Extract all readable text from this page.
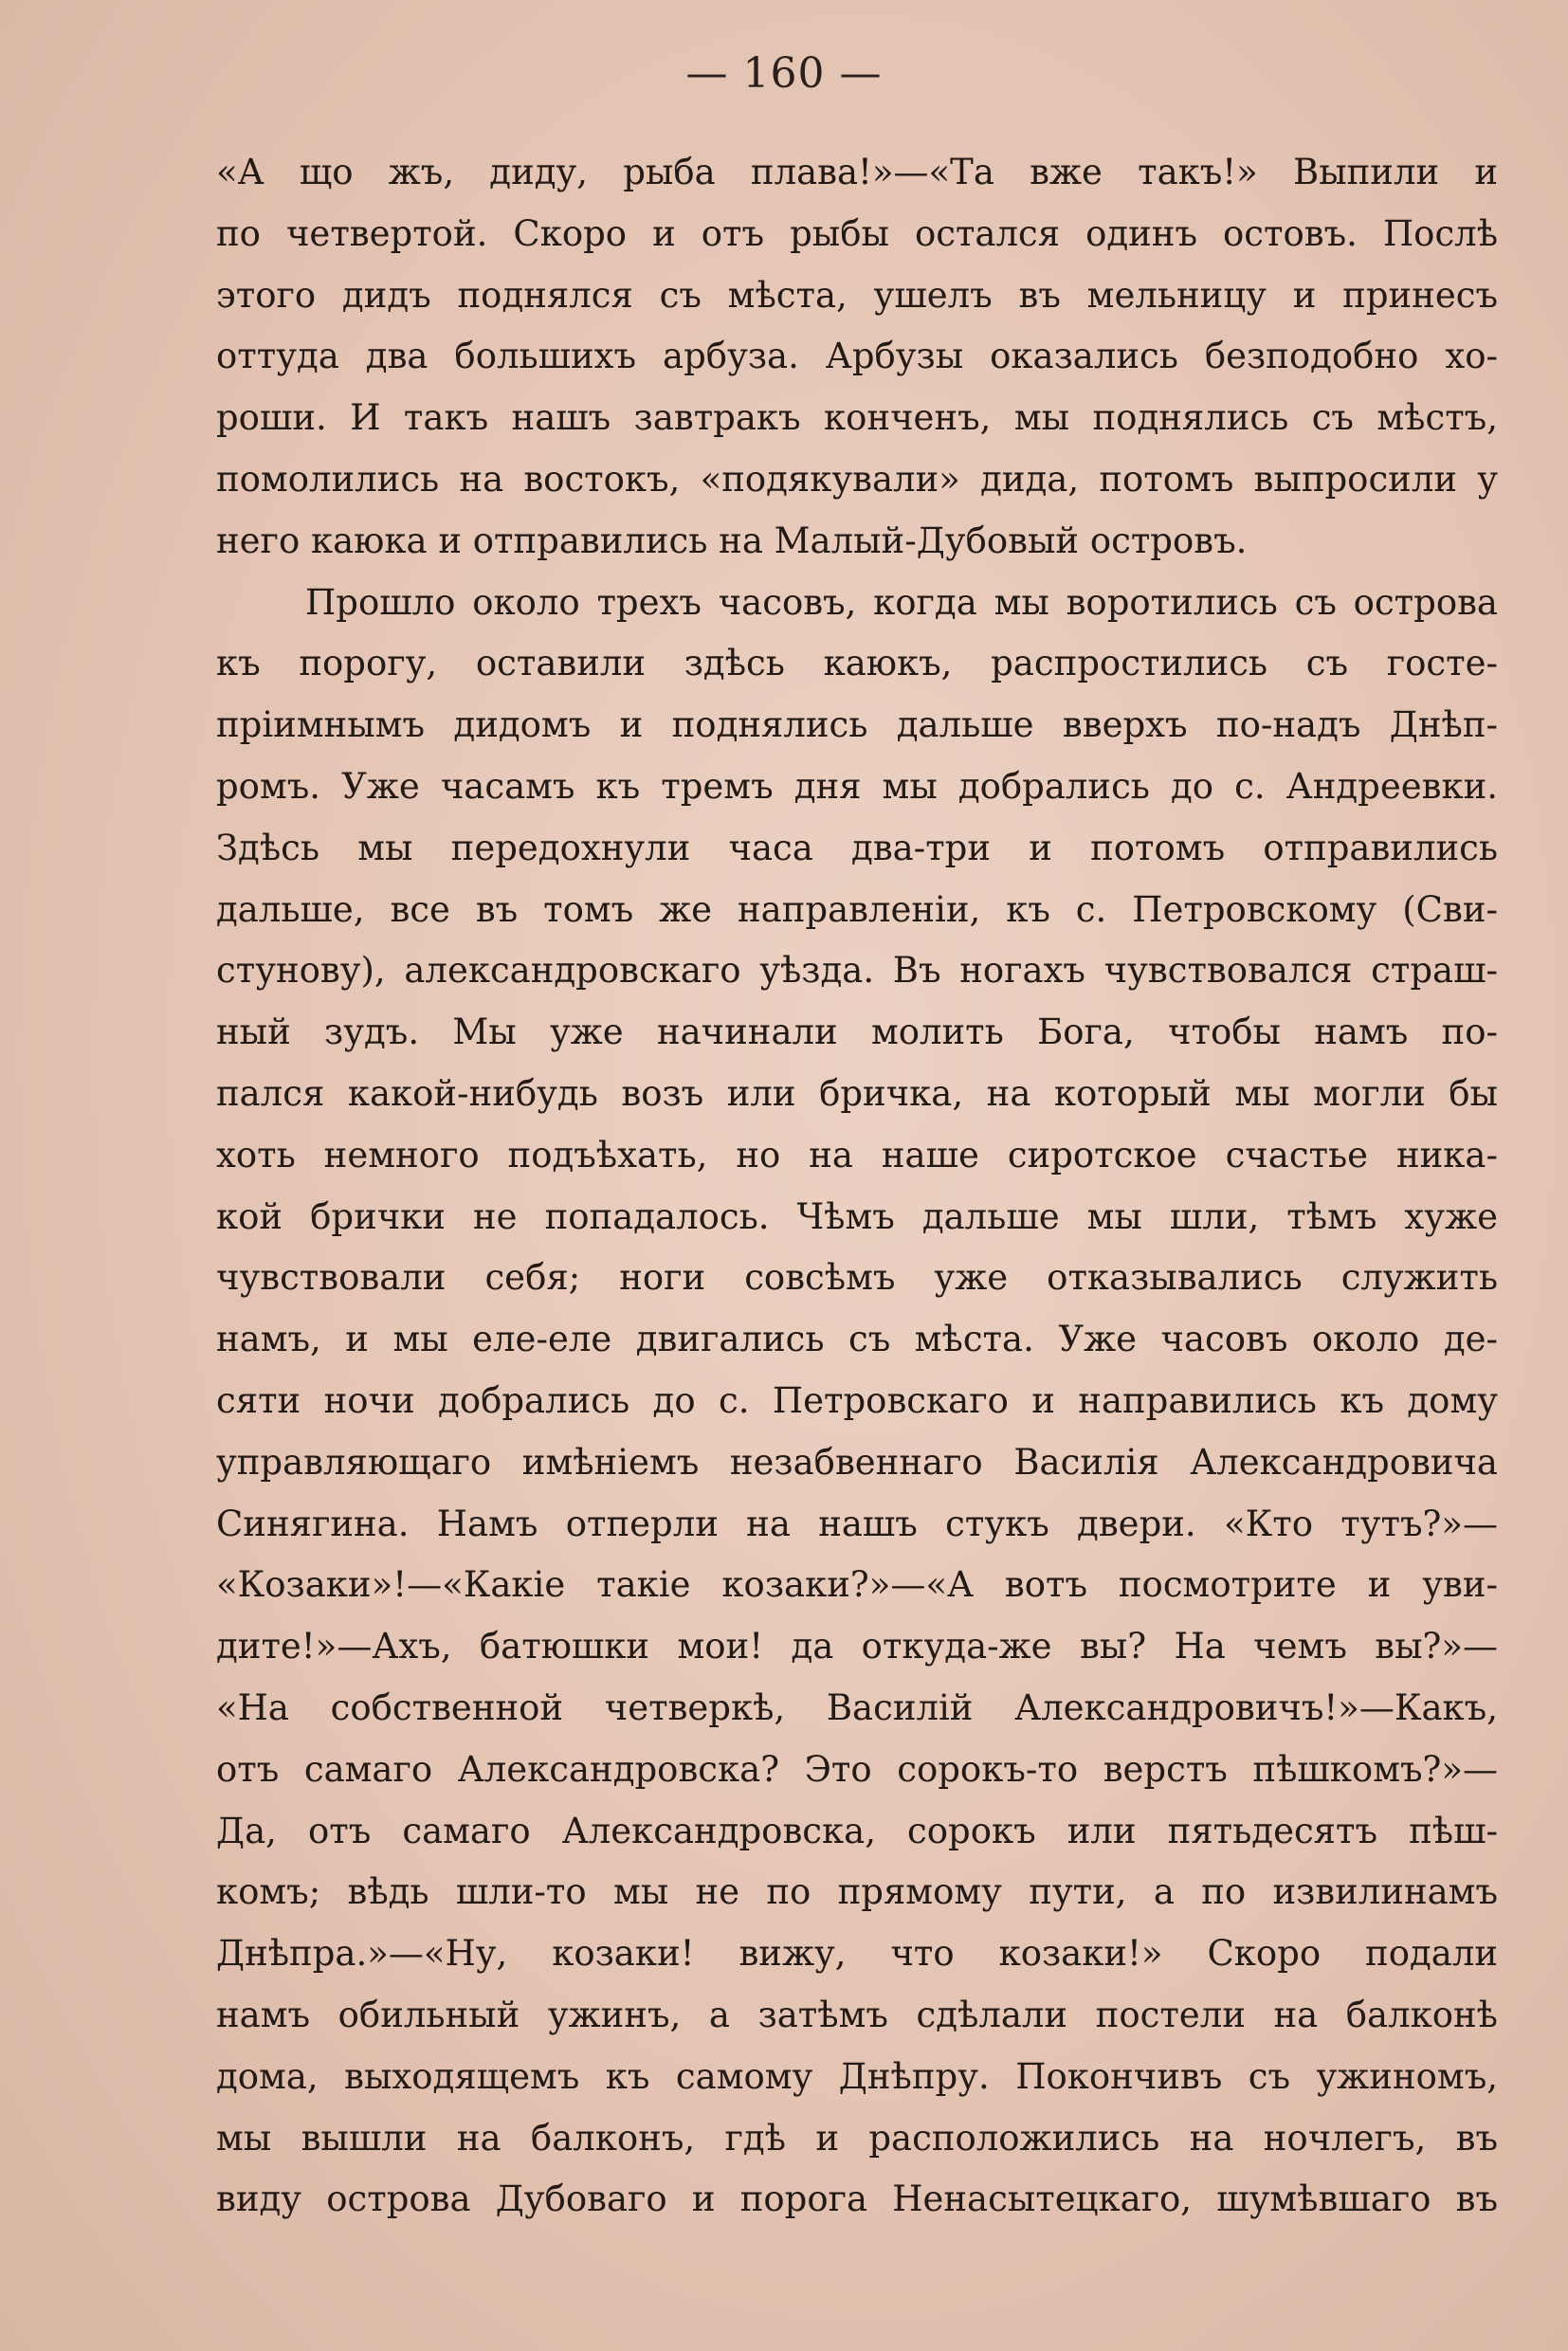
— 160 —
«А що жъ, диду, рыба плава!»—«Та вже такъ!» Выпили и
по четвертой. Скоро и отъ рыбы остался одинъ остовъ. Послѣ
этого дидъ поднялся съ мѣста, ушелъ въ мельницу и принесъ
оттуда два большихъ арбуза. Арбузы оказались безподобно хо-
роши. И такъ нашъ завтракъ конченъ, мы поднялись съ мѣстъ,
помолились на востокъ, «подякували» дида, потомъ выпросили у
него каюка и отправились на Малый-Дубовый островъ.
Прошло около трехъ часовъ, когда мы воротились съ острова
къ порогу, оставили здѣсь каюкъ, распростились съ госте-
пріимнымъ дидомъ и поднялись дальше вверхъ по-надъ Днѣп-
ромъ. Уже часамъ къ тремъ дня мы добрались до с. Андреевки.
Здѣсь мы передохнули часа два-три и потомъ отправились
дальше, все въ томъ же направленіи, къ с. Петровскому (Сви-
стунову), александровскаго уѣзда. Въ ногахъ чувствовался страш-
ный зудъ. Мы уже начинали молить Бога, чтобы намъ по-
пался какой-нибудь возъ или бричка, на который мы могли бы
хоть немного подъѣхать, но на наше сиротское счастье ника-
кой брички не попадалось. Чѣмъ дальше мы шли, тѣмъ хуже
чувствовали себя; ноги совсѣмъ уже отказывались служить
намъ, и мы еле-еле двигались съ мѣста. Уже часовъ около де-
сяти ночи добрались до с. Петровскаго и направились къ дому
управляющаго имѣніемъ незабвеннаго Василія Александровича
Синягина. Намъ отперли на нашъ стукъ двери. «Кто тутъ?»—
«Козаки»!—«Какіе такіе козаки?»—«А вотъ посмотрите и уви-
дите!»—Ахъ, батюшки мои! да откуда-же вы? На чемъ вы?»—
«На собственной четверкѣ, Василій Александровичъ!»—Какъ,
отъ самаго Александровска? Это сорокъ-то верстъ пѣшкомъ?»—
Да, отъ самаго Александровска, сорокъ или пятьдесятъ пѣш-
комъ; вѣдь шли-то мы не по прямому пути, а по извилинамъ
Днѣпра.»—«Ну, козаки! вижу, что козаки!» Скоро подали
намъ обильный ужинъ, а затѣмъ сдѣлали постели на балконѣ
дома, выходящемъ къ самому Днѣпру. Покончивъ съ ужиномъ,
мы вышли на балконъ, гдѣ и расположились на ночлегъ, въ
виду острова Дубоваго и порога Ненасытецкаго, шумѣвшаго въ
